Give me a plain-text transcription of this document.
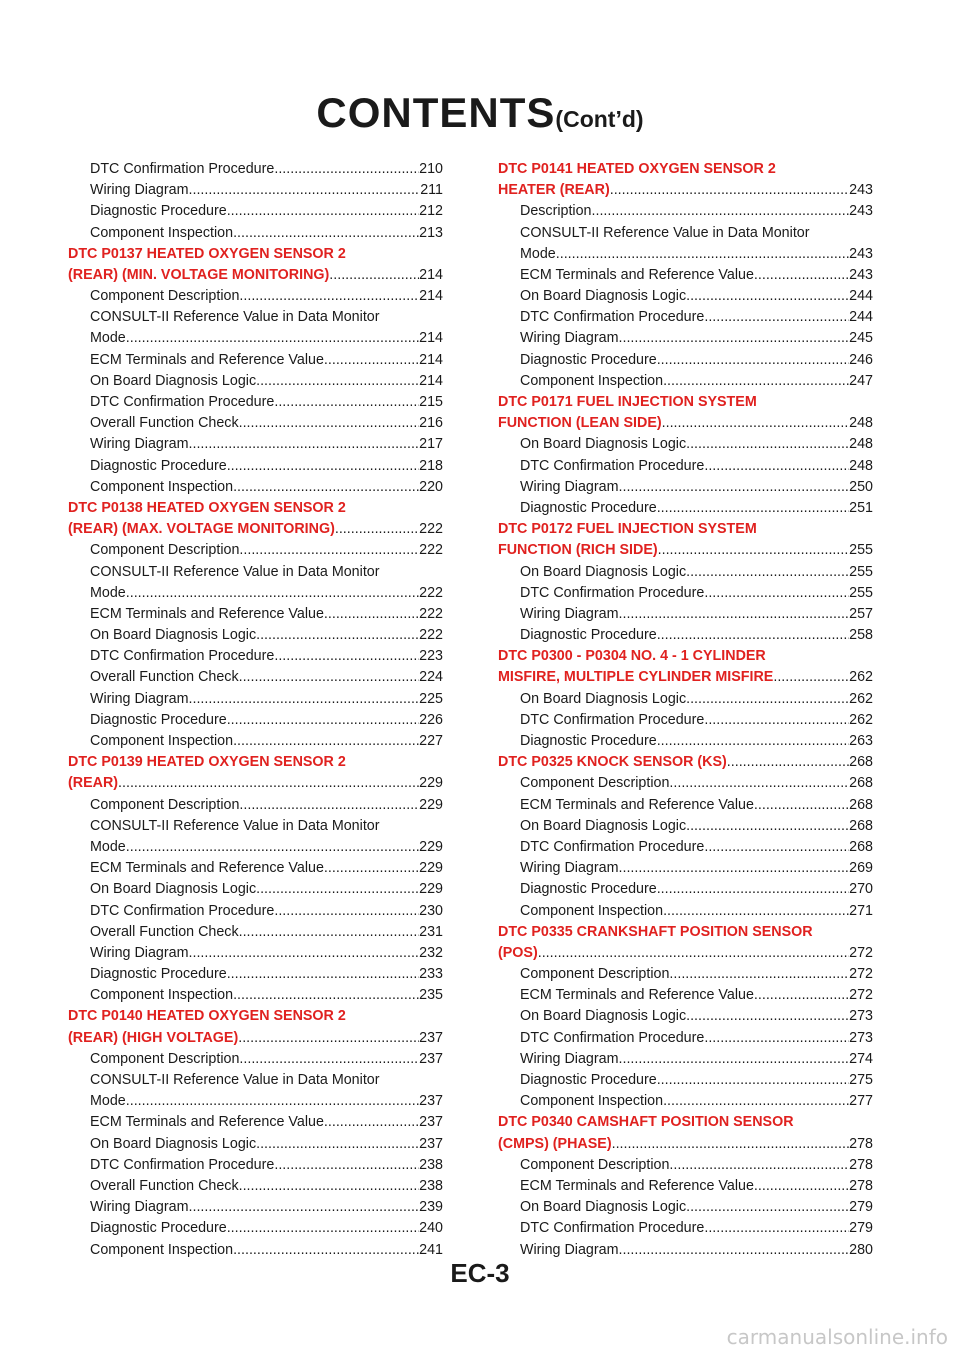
CONTENTS(Cont’d)
DTC Confirmation Procedure .....	210
Wiring Diagram .....	211
Diagnostic Procedure .....	212
Component Inspection .....	213
DTC P0137 HEATED OXYGEN SENSOR 2
(REAR) (MIN. VOLTAGE MONITORING) .....	214
Component Description .....	214
CONSULT-II Reference Value in Data Monitor
Mode .....	214
ECM Terminals and Reference Value .....	214
On Board Diagnosis Logic .....	214
DTC Confirmation Procedure .....	215
Overall Function Check .....	216
Wiring Diagram .....	217
Diagnostic Procedure .....	218
Component Inspection .....	220
DTC P0138 HEATED OXYGEN SENSOR 2
(REAR) (MAX. VOLTAGE MONITORING) .....	222
Component Description .....	222
CONSULT-II Reference Value in Data Monitor
Mode .....	222
ECM Terminals and Reference Value .....	222
On Board Diagnosis Logic .....	222
DTC Confirmation Procedure .....	223
Overall Function Check .....	224
Wiring Diagram .....	225
Diagnostic Procedure .....	226
Component Inspection .....	227
DTC P0139 HEATED OXYGEN SENSOR 2
(REAR) .....	229
Component Description .....	229
CONSULT-II Reference Value in Data Monitor
Mode .....	229
ECM Terminals and Reference Value .....	229
On Board Diagnosis Logic .....	229
DTC Confirmation Procedure .....	230
Overall Function Check .....	231
Wiring Diagram .....	232
Diagnostic Procedure .....	233
Component Inspection .....	235
DTC P0140 HEATED OXYGEN SENSOR 2
(REAR) (HIGH VOLTAGE) .....	237
Component Description .....	237
CONSULT-II Reference Value in Data Monitor
Mode .....	237
ECM Terminals and Reference Value .....	237
On Board Diagnosis Logic .....	237
DTC Confirmation Procedure .....	238
Overall Function Check .....	238
Wiring Diagram .....	239
Diagnostic Procedure .....	240
Component Inspection .....	241
DTC P0141 HEATED OXYGEN SENSOR 2
HEATER (REAR) .....	243
Description .....	243
CONSULT-II Reference Value in Data Monitor
Mode .....	243
ECM Terminals and Reference Value .....	243
On Board Diagnosis Logic .....	244
DTC Confirmation Procedure .....	244
Wiring Diagram .....	245
Diagnostic Procedure .....	246
Component Inspection .....	247
DTC P0171 FUEL INJECTION SYSTEM
FUNCTION (LEAN SIDE) .....	248
On Board Diagnosis Logic .....	248
DTC Confirmation Procedure .....	248
Wiring Diagram .....	250
Diagnostic Procedure .....	251
DTC P0172 FUEL INJECTION SYSTEM
FUNCTION (RICH SIDE) .....	255
On Board Diagnosis Logic .....	255
DTC Confirmation Procedure .....	255
Wiring Diagram .....	257
Diagnostic Procedure .....	258
DTC P0300 - P0304 NO. 4 - 1 CYLINDER
MISFIRE, MULTIPLE CYLINDER MISFIRE .....	262
On Board Diagnosis Logic .....	262
DTC Confirmation Procedure .....	262
Diagnostic Procedure .....	263
DTC P0325 KNOCK SENSOR (KS) .....	268
Component Description .....	268
ECM Terminals and Reference Value .....	268
On Board Diagnosis Logic .....	268
DTC Confirmation Procedure .....	268
Wiring Diagram .....	269
Diagnostic Procedure .....	270
Component Inspection .....	271
DTC P0335 CRANKSHAFT POSITION SENSOR
(POS) .....	272
Component Description .....	272
ECM Terminals and Reference Value .....	272
On Board Diagnosis Logic .....	273
DTC Confirmation Procedure .....	273
Wiring Diagram .....	274
Diagnostic Procedure .....	275
Component Inspection .....	277
DTC P0340 CAMSHAFT POSITION SENSOR
(CMPS) (PHASE) .....	278
Component Description .....	278
ECM Terminals and Reference Value .....	278
On Board Diagnosis Logic .....	279
DTC Confirmation Procedure .....	279
Wiring Diagram .....	280
EC-3
carmanualsonline.info
